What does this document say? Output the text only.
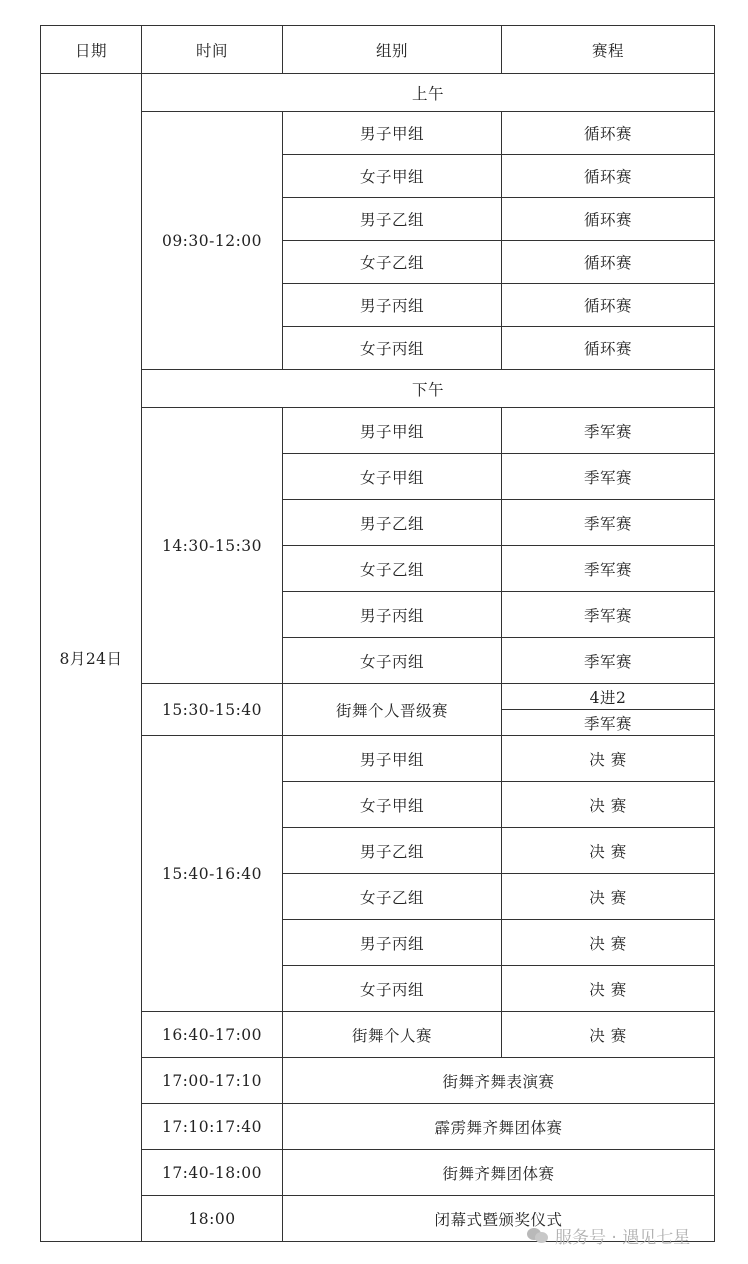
日期	时间	组别	赛程
8月24日	上午		
	09:30-12:00	男子甲组	循环赛
		女子甲组	循环赛
		男子乙组	循环赛
		女子乙组	循环赛
		男子丙组	循环赛
		女子丙组	循环赛
	下午		
	14:30-15:30	男子甲组	季军赛
		女子甲组	季军赛
		男子乙组	季军赛
		女子乙组	季军赛
		男子丙组	季军赛
		女子丙组	季军赛
	15:30-15:40	街舞个人晋级赛	4进2
			季军赛
	15:40-16:40	男子甲组	决 赛
		女子甲组	决 赛
		男子乙组	决 赛
		女子乙组	决 赛
		男子丙组	决 赛
		女子丙组	决 赛
	16:40-17:00	街舞个人赛	决 赛
	17:00-17:10	街舞齐舞表演赛	
	17:10:17:40	霹雳舞齐舞团体赛	
	17:40-18:00	街舞齐舞团体赛	
	18:00	闭幕式暨颁奖仪式	
服务号 · 遇见七星
